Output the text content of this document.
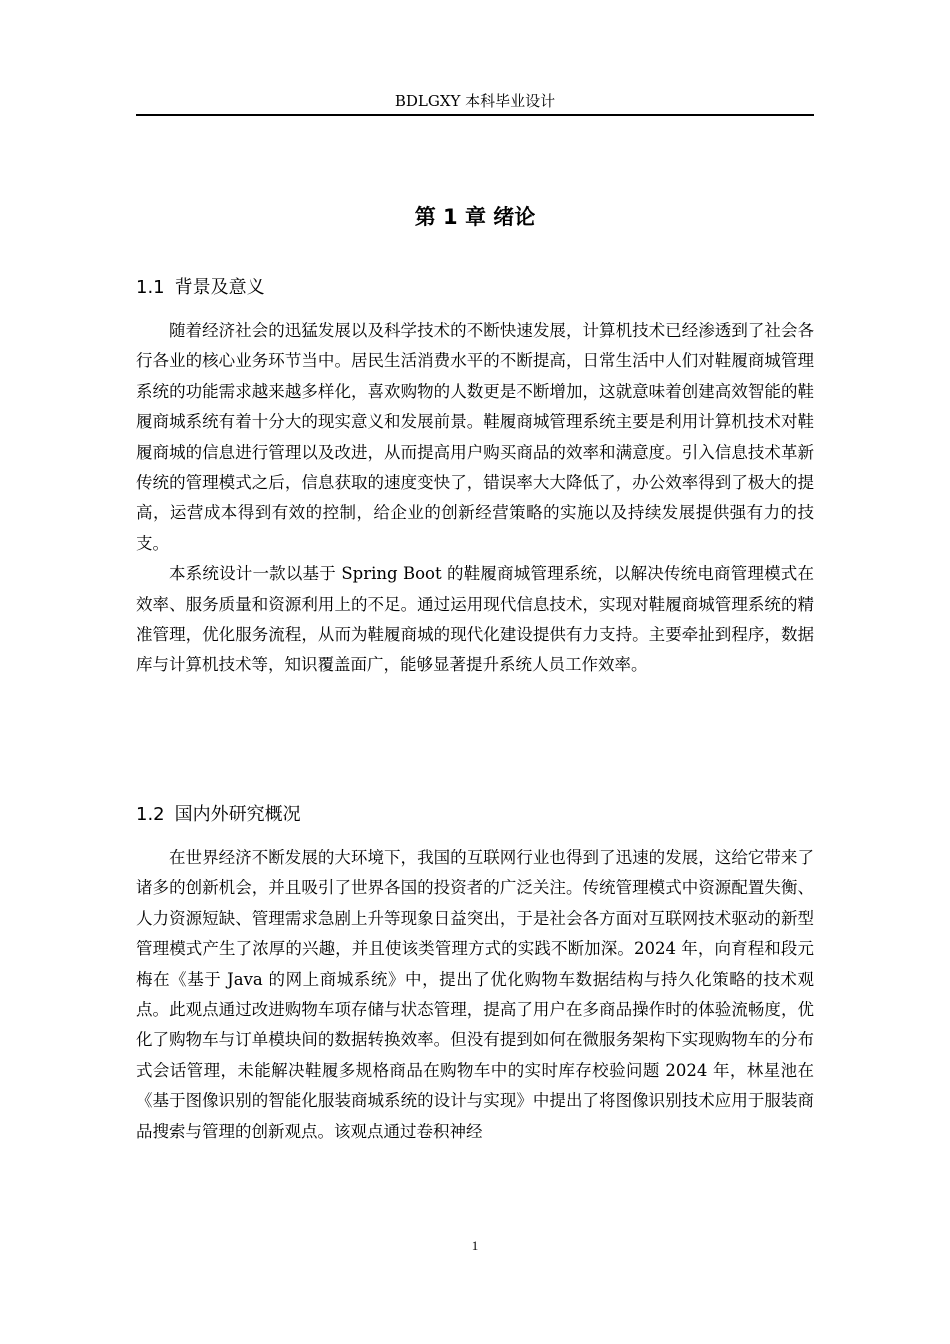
BDLGXY 本科毕业设计
第 1 章 绪论
1.1 背景及意义

随着经济社会的迅猛发展以及科学技术的不断快速发展，计算机技术已经渗透到了社会各行各业的核心业务环节当中。居民生活消费水平的不断提高，日常生活中人们对鞋履商城管理系统的功能需求越来越多样化，喜欢购物的人数更是不断增加，这就意味着创建高效智能的鞋履商城系统有着十分大的现实意义和发展前景。鞋履商城管理系统主要是利用计算机技术对鞋履商城的信息进行管理以及改进，从而提高用户购买商品的效率和满意度。引入信息技术革新传统的管理模式之后，信息获取的速度变快了，错误率大大降低了，办公效率得到了极大的提高，运营成本得到有效的控制，给企业的创新经营策略的实施以及持续发展提供强有力的技支。

本系统设计一款以基于 Spring Boot 的鞋履商城管理系统，以解决传统电商管理模式在效率、服务质量和资源利用上的不足。通过运用现代信息技术，实现对鞋履商城管理系统的精准管理，优化服务流程，从而为鞋履商城的现代化建设提供有力支持。主要牵扯到程序，数据库与计算机技术等，知识覆盖面广，能够显著提升系统人员工作效率。

1.2 国内外研究概况

在世界经济不断发展的大环境下，我国的互联网行业也得到了迅速的发展，这给它带来了诸多的创新机会，并且吸引了世界各国的投资者的广泛关注。传统管理模式中资源配置失衡、人力资源短缺、管理需求急剧上升等现象日益突出，于是社会各方面对互联网技术驱动的新型管理模式产生了浓厚的兴趣，并且使该类管理方式的实践不断加深。2024 年，向育程和段元梅在《基于 Java 的网上商城系统》中，提出了优化购物车数据结构与持久化策略的技术观点。此观点通过改进购物车项存储与状态管理，提高了用户在多商品操作时的体验流畅度，优化了购物车与订单模块间的数据转换效率。但没有提到如何在微服务架构下实现购物车的分布式会话管理，未能解决鞋履多规格商品在购物车中的实时库存校验问题 2024 年，林星池在《基于图像识别的智能化服装商城系统的设计与实现》中提出了将图像识别技术应用于服装商品搜索与管理的创新观点。该观点通过卷积神经

1
